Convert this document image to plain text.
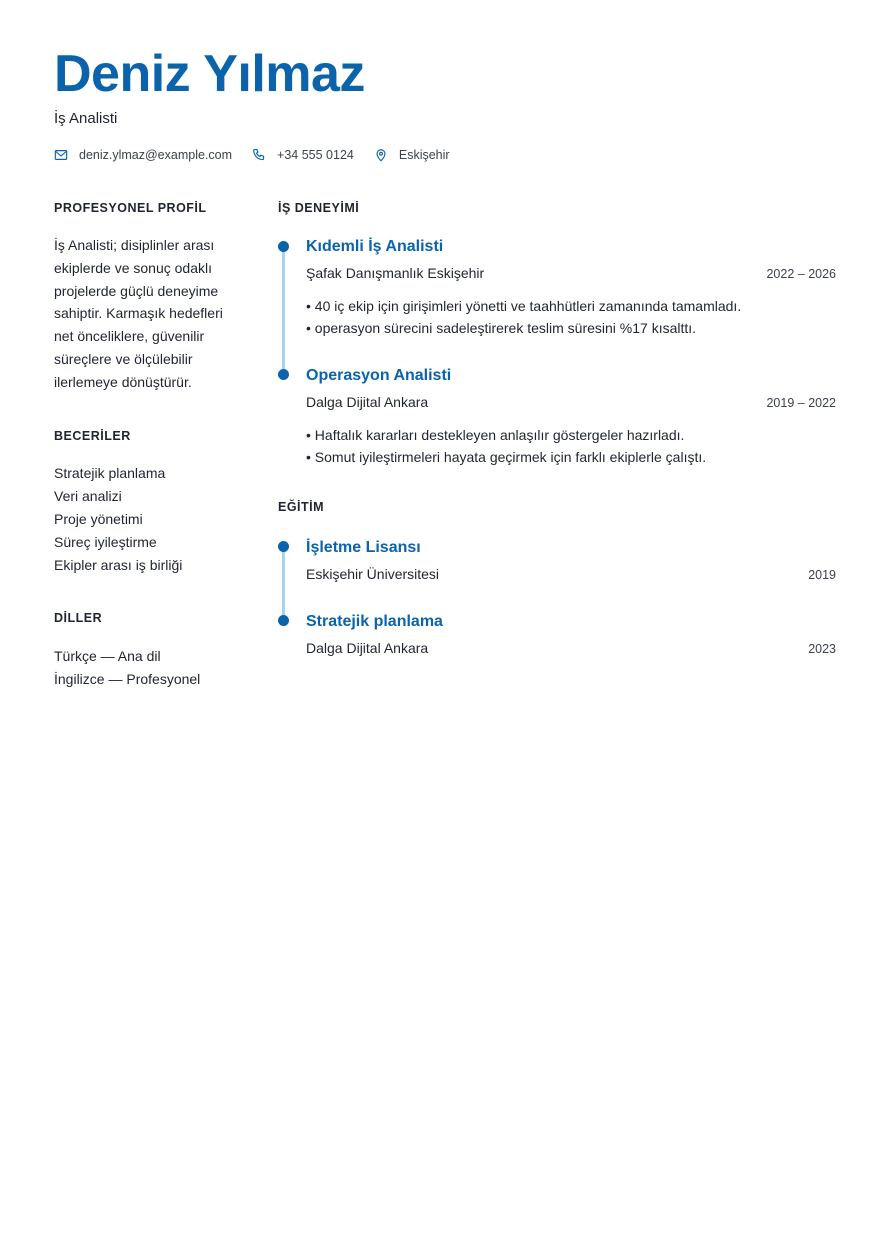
Deniz Yılmaz

İş Analisti

deniz.ylmaz@example.com	+34 555 0124	Eskişehir
PROFESYONEL PROFİL

İş Analisti; disiplinler arası ekiplerde ve sonuç odaklı projelerde güçlü deneyime sahiptir. Karmaşık hedefleri net önceliklere, güvenilir süreçlere ve ölçülebilir ilerlemeye dönüştürür.

BECERİLER
Stratejik planlama
Veri analizi
Proje yönetimi
Süreç iyileştirme
Ekipler arası iş birliği
DİLLER
Türkçe — Ana dil
İngilizce — Profesyonel
İŞ DENEYİMİ
Kıdemli İş Analisti
Şafak Danışmanlık Eskişehir	2022 – 2026
• 40 iç ekip için girişimleri yönetti ve taahhütleri zamanında tamamladı.
• operasyon sürecini sadeleştirerek teslim süresini %17 kısalttı.
Operasyon Analisti
Dalga Dijital Ankara	2019 – 2022
• Haftalık kararları destekleyen anlaşılır göstergeler hazırladı.
• Somut iyileştirmeleri hayata geçirmek için farklı ekiplerle çalıştı.
EĞİTİM
İşletme Lisansı
Eskişehir Üniversitesi	2019
Stratejik planlama
Dalga Dijital Ankara	2023
